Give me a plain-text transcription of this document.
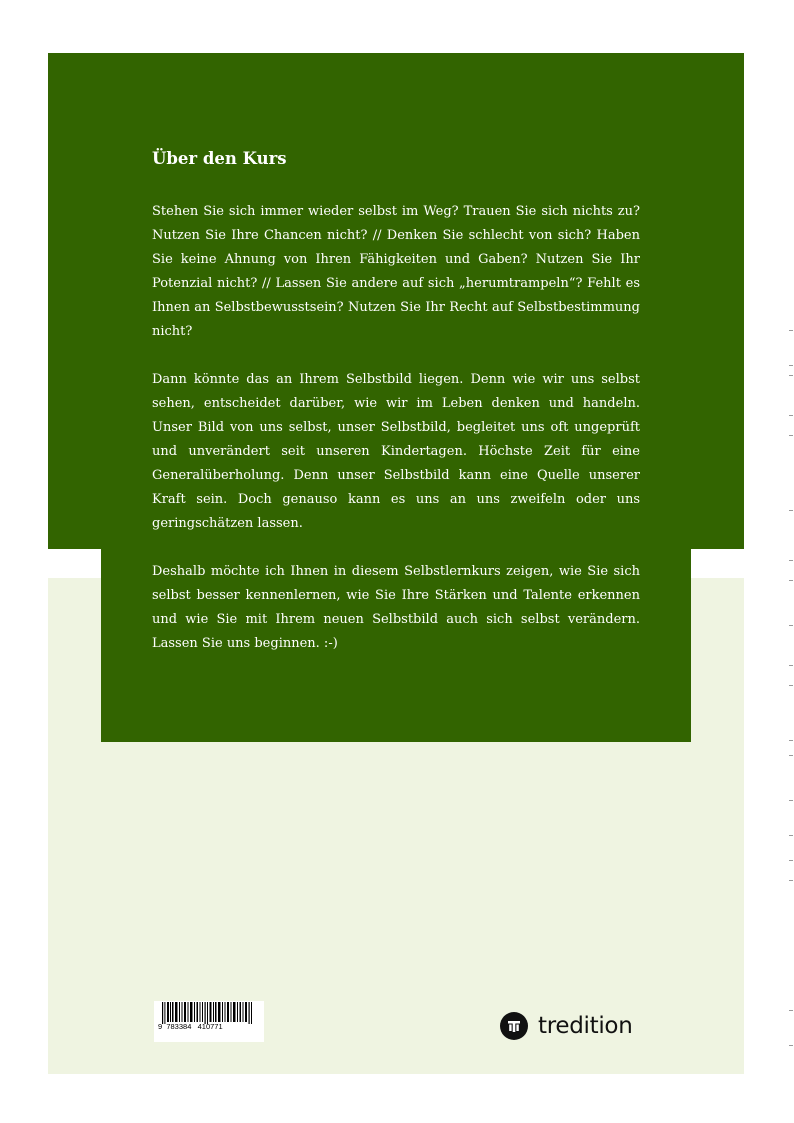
Über den Kurs

Stehen Sie sich immer wieder selbst im Weg? Trauen Sie sich nichts zu? Nutzen Sie Ihre Chancen nicht? // Denken Sie schlecht von sich? Haben Sie keine Ahnung von Ihren Fähigkeiten und Gaben? Nutzen Sie Ihr Potenzial nicht? // Lassen Sie andere auf sich „herumtrampeln“? Fehlt es Ihnen an Selbstbewusstsein? Nutzen Sie Ihr Recht auf Selbstbestimmung nicht?

Dann könnte das an Ihrem Selbstbild liegen. Denn wie wir uns selbst sehen, entscheidet darüber, wie wir im Leben denken und handeln. Unser Bild von uns selbst, unser Selbstbild, begleitet uns oft ungeprüft und unverändert seit unseren Kindertagen. Höchste Zeit für eine Generalüberholung. Denn unser Selbstbild kann eine Quelle unserer Kraft sein. Doch genauso kann es uns an uns zweifeln oder uns geringschätzen lassen.

Deshalb möchte ich Ihnen in diesem Selbstlernkurs zeigen, wie Sie sich selbst besser kennenlernen, wie Sie Ihre Stärken und Talente erkennen und wie Sie mit Ihrem neuen Selbstbild auch sich selbst verändern. Lassen Sie uns beginnen. :-)

9  783384   410771	tredition
